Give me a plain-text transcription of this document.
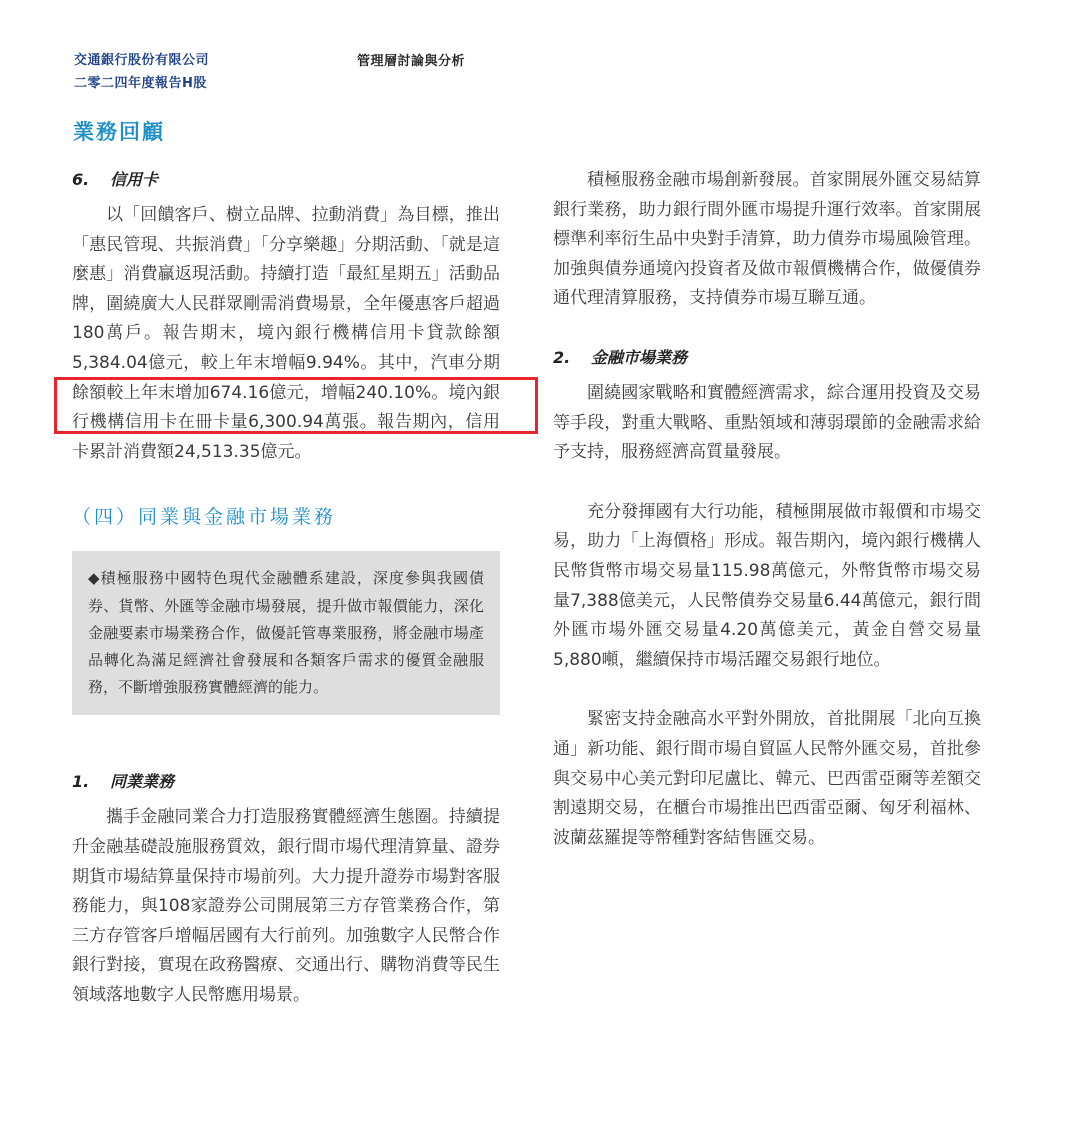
交通銀行股份有限公司
二零二四年度報告H股
管理層討論與分析
業務回顧
6. 信用卡

以「回饋客戶、樹立品牌、拉動消費」為目標，推出「惠民管現、共振消費」「分享樂趣」分期活動、「就是這麼惠」消費贏返現活動。持續打造「最紅星期五」活動品牌，圍繞廣大人民群眾剛需消費場景，全年優惠客戶超過180萬戶。報告期末，境內銀行機構信用卡貸款餘額5,384.04億元，較上年末增幅9.94%。其中，汽車分期餘額較上年末增加674.16億元，增幅240.10%。境內銀行機構信用卡在冊卡量6,300.94萬張。報告期內，信用卡累計消費額24,513.35億元。

（四）同業與金融市場業務
◆積極服務中國特色現代金融體系建設，深度參與我國債券、貨幣、外匯等金融市場發展，提升做市報價能力，深化金融要素市場業務合作，做優託管專業服務，將金融市場產品轉化為滿足經濟社會發展和各類客戶需求的優質金融服務，不斷增強服務實體經濟的能力。
1. 同業業務

攜手金融同業合力打造服務實體經濟生態圈。持續提升金融基礎設施服務質效，銀行間市場代理清算量、證券期貨市場結算量保持市場前列。大力提升證券市場對客服務能力，與108家證券公司開展第三方存管業務合作，第三方存管客戶增幅居國有大行前列。加強數字人民幣合作銀行對接，實現在政務醫療、交通出行、購物消費等民生領域落地數字人民幣應用場景。

積極服務金融市場創新發展。首家開展外匯交易結算銀行業務，助力銀行間外匯市場提升運行效率。首家開展標準利率衍生品中央對手清算，助力債券市場風險管理。加強與債券通境內投資者及做市報價機構合作，做優債券通代理清算服務，支持債券市場互聯互通。

2. 金融市場業務

圍繞國家戰略和實體經濟需求，綜合運用投資及交易等手段，對重大戰略、重點領域和薄弱環節的金融需求給予支持，服務經濟高質量發展。

充分發揮國有大行功能，積極開展做市報價和市場交易，助力「上海價格」形成。報告期內，境內銀行機構人民幣貨幣市場交易量115.98萬億元，外幣貨幣市場交易量7,388億美元，人民幣債券交易量6.44萬億元，銀行間外匯市場外匯交易量4.20萬億美元，黃金自營交易量5,880噸，繼續保持市場活躍交易銀行地位。

緊密支持金融高水平對外開放，首批開展「北向互換通」新功能、銀行間市場自貿區人民幣外匯交易，首批參與交易中心美元對印尼盧比、韓元、巴西雷亞爾等差額交割遠期交易，在櫃台市場推出巴西雷亞爾、匈牙利福林、波蘭茲羅提等幣種對客結售匯交易。
